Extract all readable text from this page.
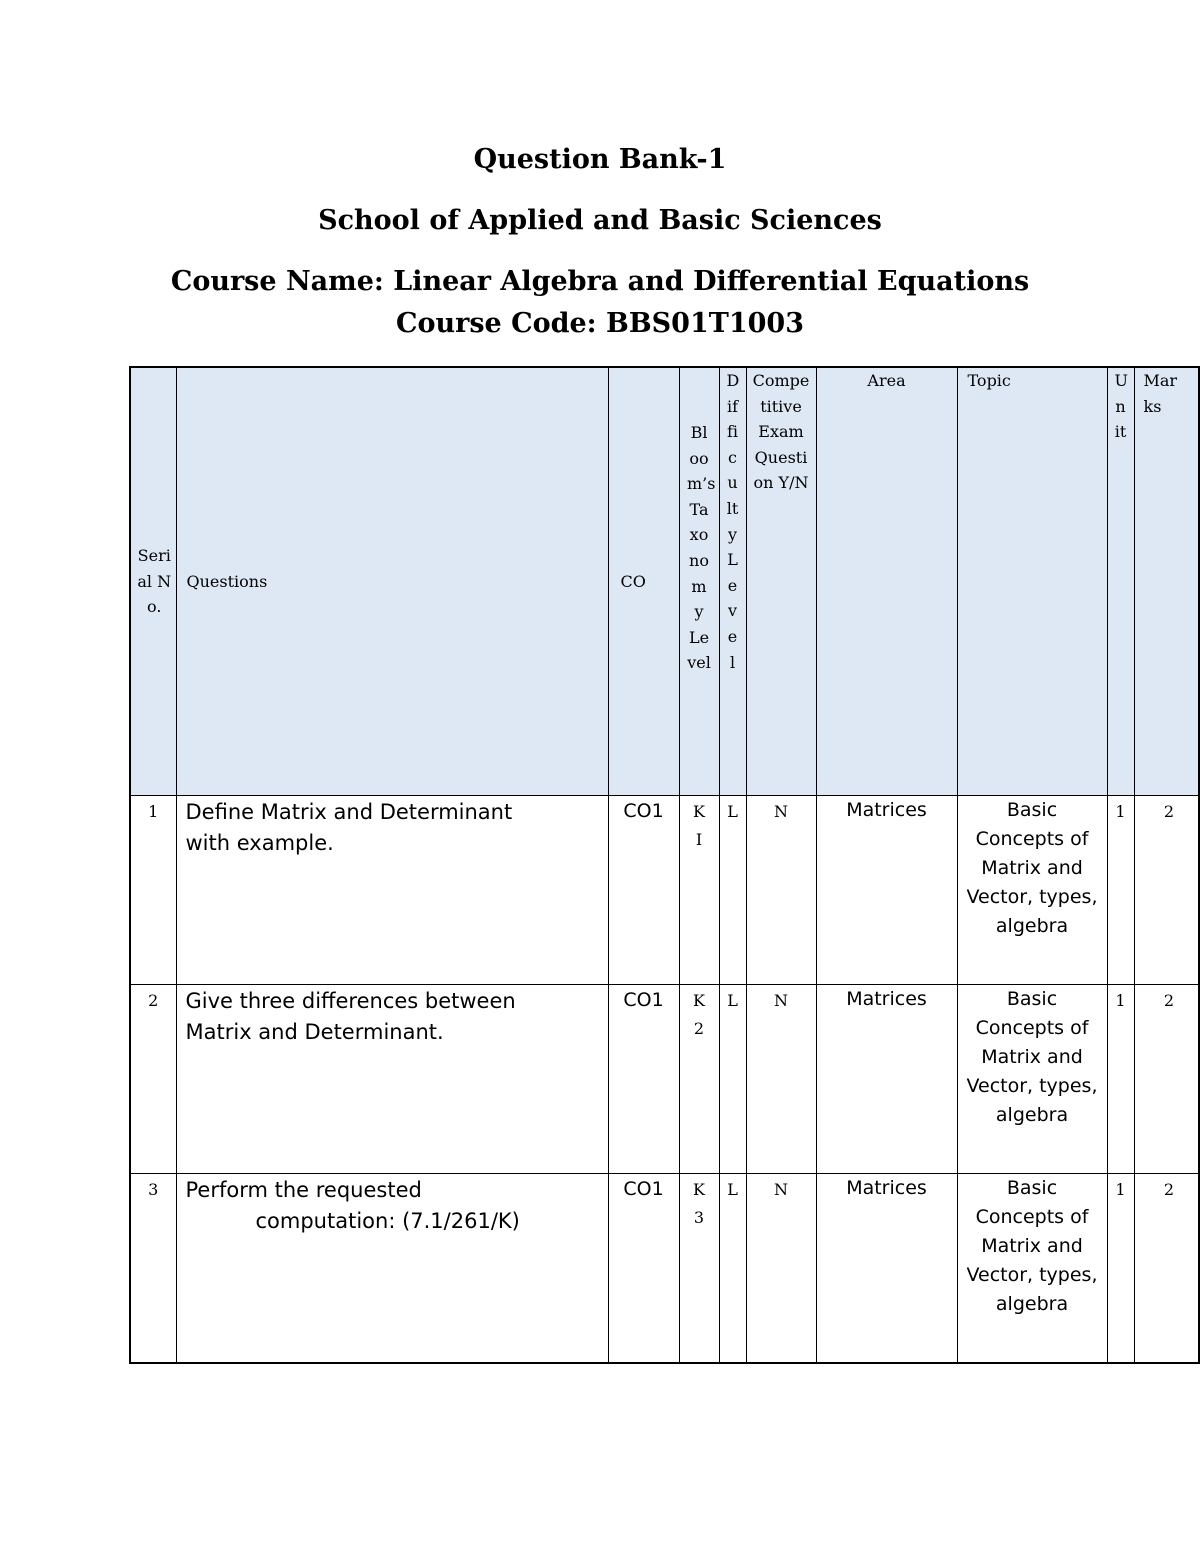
Question Bank-1
School of Applied and Basic Sciences
Course Name: Linear Algebra and Differential Equations
Course Code: BBS01T1003
Serial No.	Questions	CO	Bloom’s Taxonomy Level	Difficulty Level	Competitive Exam Question Y/N	Area	Topic	Unit	Marks

1	Define Matrix and Determinant
with example.	CO1	KI	L	N	Matrices	Basic Concepts of Matrix and Vector, types, algebra	1	2

2	Give three differences between
Matrix and Determinant.	CO1	K2	L	N	Matrices	Basic Concepts of Matrix and Vector, types, algebra	1	2

3	Perform the requested
computation: (7.1/261/K)	CO1	K3	L	N	Matrices	Basic Concepts of Matrix and Vector, types, algebra	1	2
